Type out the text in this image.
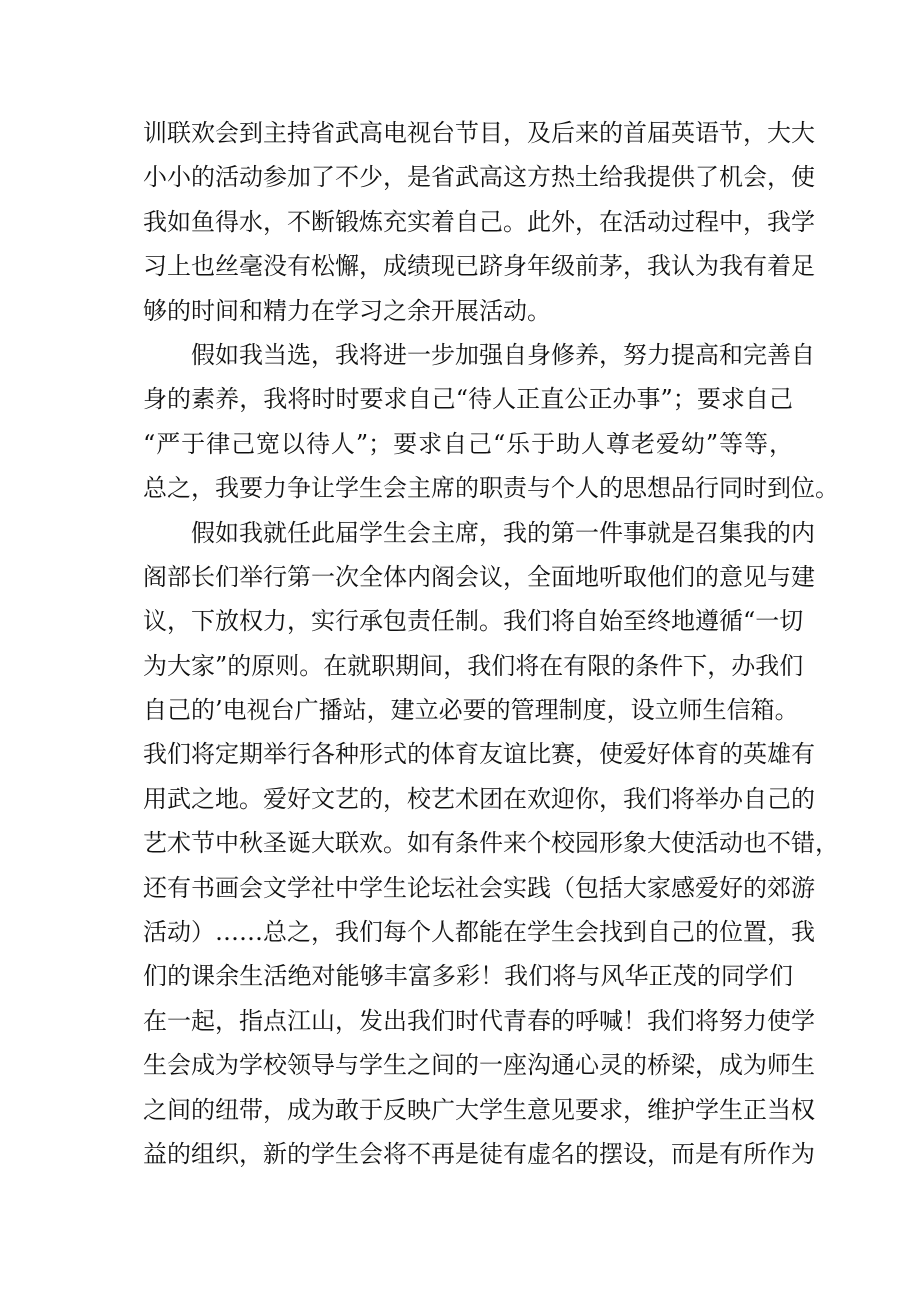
训联欢会到主持省武高电视台节目，及后来的首届英语节，大大
小小的活动参加了不少，是省武高这方热土给我提供了机会，使
我如鱼得水，不断锻炼充实着自己。此外，在活动过程中，我学
习上也丝毫没有松懈，成绩现已跻身年级前茅，我认为我有着足
够的时间和精力在学习之余开展活动。
假如我当选，我将进一步加强自身修养，努力提高和完善自
身的素养，我将时时要求自己“待人正直公正办事”；要求自己
“严于律己宽以待人”；要求自己“乐于助人尊老爱幼”等等，
总之，我要力争让学生会主席的职责与个人的思想品行同时到位。
假如我就任此届学生会主席，我的第一件事就是召集我的内
阁部长们举行第一次全体内阁会议，全面地听取他们的意见与建
议，下放权力，实行承包责任制。我们将自始至终地遵循“一切
为大家”的原则。在就职期间，我们将在有限的条件下，办我们
自己的’电视台广播站，建立必要的管理制度，设立师生信箱。
我们将定期举行各种形式的体育友谊比赛，使爱好体育的英雄有
用武之地。爱好文艺的，校艺术团在欢迎你，我们将举办自己的
艺术节中秋圣诞大联欢。如有条件来个校园形象大使活动也不错，
还有书画会文学社中学生论坛社会实践（包括大家感爱好的郊游
活动）……总之，我们每个人都能在学生会找到自己的位置，我
们的课余生活绝对能够丰富多彩！我们将与风华正茂的同学们
在一起，指点江山，发出我们时代青春的呼喊！我们将努力使学
生会成为学校领导与学生之间的一座沟通心灵的桥梁，成为师生
之间的纽带，成为敢于反映广大学生意见要求，维护学生正当权
益的组织，新的学生会将不再是徒有虚名的摆设，而是有所作为
